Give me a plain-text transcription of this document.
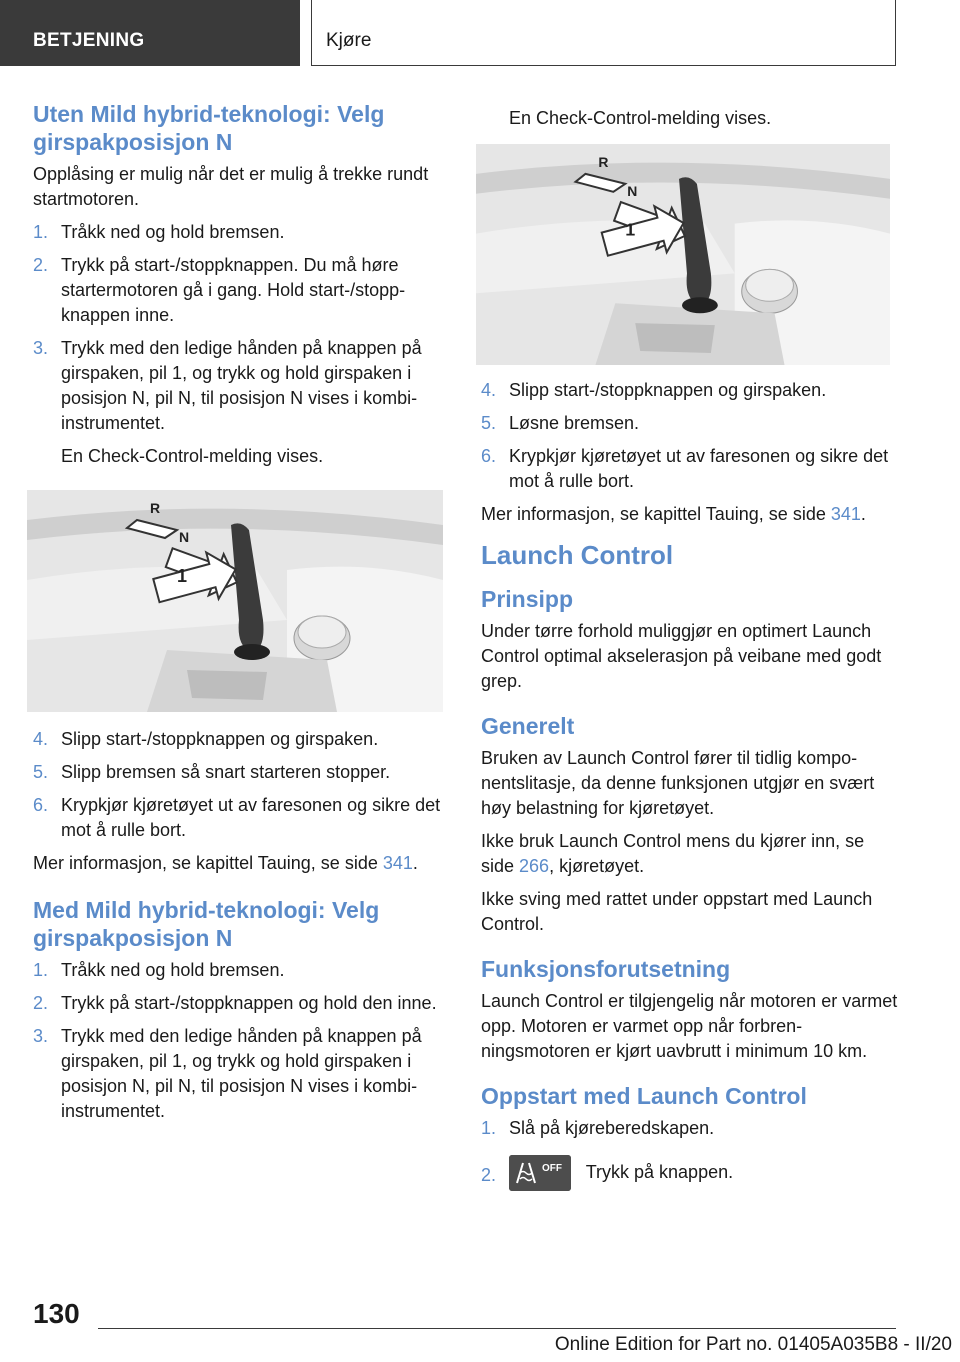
BETJENING	Kjøre
Uten Mild hybrid-teknologi: Velg girspakposisjon N

Opplåsing er mulig når det er mulig å trekke rundt startmotoren.

1. Tråkk ned og hold bremsen.
2. Trykk på start-/stoppknappen. Du må høre startermotoren gå i gang. Hold start-/stopp-knappen inne.
3. Trykk med den ledige hånden på knappen på girspaken, pil 1, og trykk og hold girspaken i posisjon N, pil N, til posisjon N vises i kombi-instrumentet.
En Check-Control-melding vises.
R
N
1
4. Slipp start-/stoppknappen og girspaken.
5. Slipp bremsen så snart starteren stopper.
6. Krypkjør kjøretøyet ut av faresonen og sikre det mot å rulle bort.

Mer informasjon, se kapittel Tauing, se side 341.

Med Mild hybrid-teknologi: Velg girspakposisjon N
1. Tråkk ned og hold bremsen.
2. Trykk på start-/stoppknappen og hold den inne.
3. Trykk med den ledige hånden på knappen på girspaken, pil 1, og trykk og hold girspaken i posisjon N, pil N, til posisjon N vises i kombi-instrumentet.
En Check-Control-melding vises.
R
N
1
4. Slipp start-/stoppknappen og girspaken.
5. Løsne bremsen.
6. Krypkjør kjøretøyet ut av faresonen og sikre det mot å rulle bort.

Mer informasjon, se kapittel Tauing, se side 341.

Launch Control
Prinsipp

Under tørre forhold muliggjør en optimert Launch Control optimal akselerasjon på veibane med godt grep.

Generelt

Bruken av Launch Control fører til tidlig kompo-nentslitasje, da denne funksjonen utgjør en svært høy belastning for kjøretøyet.

Ikke bruk Launch Control mens du kjører inn, se side 266, kjøretøyet.

Ikke sving med rattet under oppstart med Launch Control.

Funksjonsforutsetning

Launch Control er tilgjengelig når motoren er varmet opp. Motoren er varmet opp når forbren-ningsmotoren er kjørt uavbrutt i minimum 10 km.

Oppstart med Launch Control
1. Slå på kjøreberedskapen.
2.	OFF Trykk på knappen.
130
Online Edition for Part no. 01405A035B8 - II/20
